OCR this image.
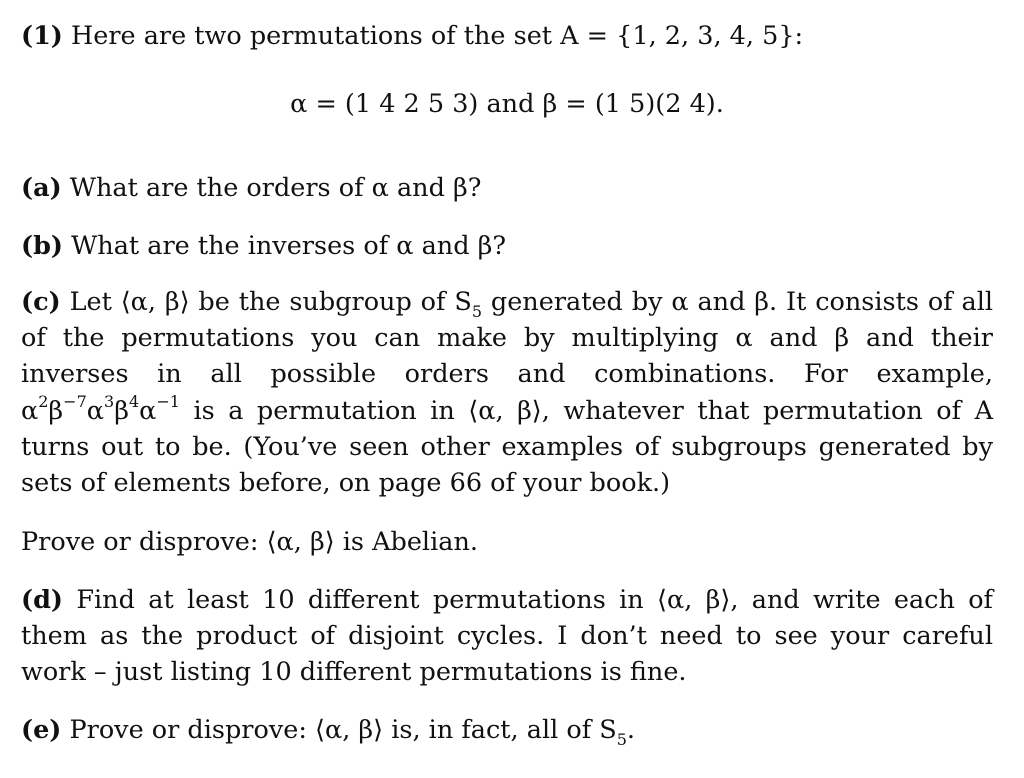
(1) Here are two permutations of the set A = {1, 2, 3, 4, 5}:
α = (1 4 2 5 3) and β = (1 5)(2 4).
(a) What are the orders of α and β?
(b) What are the inverses of α and β?
(c) Let ⟨α, β⟩ be the subgroup of $S_5$ generated by α and β. It consists of all of the permutations you can make by multiplying α and β and their inverses in all possible orders and combinations. For example, $\alpha^2\beta^{-7}\alpha^3\beta^4\alpha^{-1}$ is a permutation in ⟨α, β⟩, whatever that permutation of A turns out to be. (You’ve seen other examples of subgroups generated by sets of elements before, on page 66 of your book.)
Prove or disprove: ⟨α, β⟩ is Abelian.
(d) Find at least 10 different permutations in ⟨α, β⟩, and write each of them as the product of disjoint cycles. I don’t need to see your careful work – just listing 10 different permutations is fine.
(e) Prove or disprove: ⟨α, β⟩ is, in fact, all of $S_5$.
